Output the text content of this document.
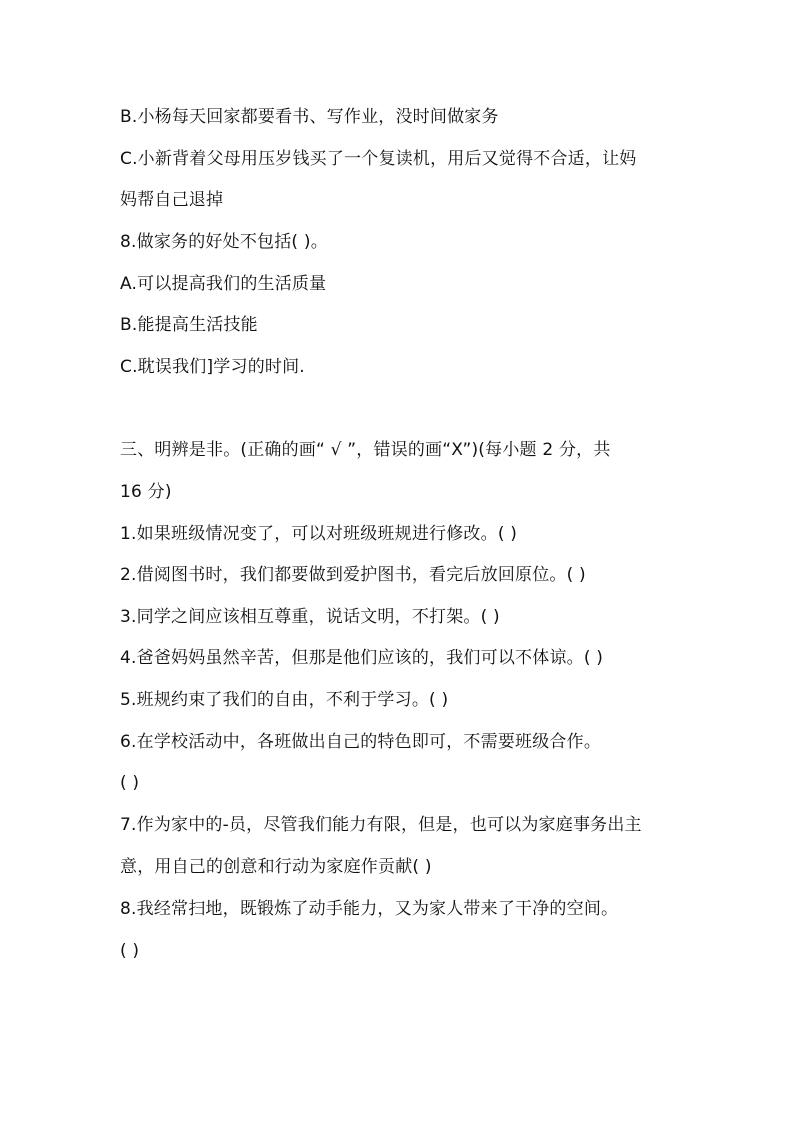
B.小杨每天回家都要看书、写作业，没时间做家务
C.小新背着父母用压岁钱买了一个复读机，用后又觉得不合适，让妈
妈帮自己退掉
8.做家务的好处不包括( )。
A.可以提高我们的生活质量
B.能提高生活技能
C.耽误我们]学习的时间.
三、明辨是非。(正确的画“ √ ”，错误的画“X”)(每小题 2 分，共
16 分)
1.如果班级情况变了，可以对班级班规进行修改。( )
2.借阅图书时，我们都要做到爱护图书，看完后放回原位。( )
3.同学之间应该相互尊重，说话文明，不打架。( )
4.爸爸妈妈虽然辛苦，但那是他们应该的，我们可以不体谅。( )
5.班规约束了我们的自由，不利于学习。( )
6.在学校活动中，各班做出自己的特色即可，不需要班级合作。
( )
7.作为家中的-员，尽管我们能力有限，但是，也可以为家庭事务出主
意，用自己的创意和行动为家庭作贡献( )
8.我经常扫地，既锻炼了动手能力，又为家人带来了干净的空间。
( )
